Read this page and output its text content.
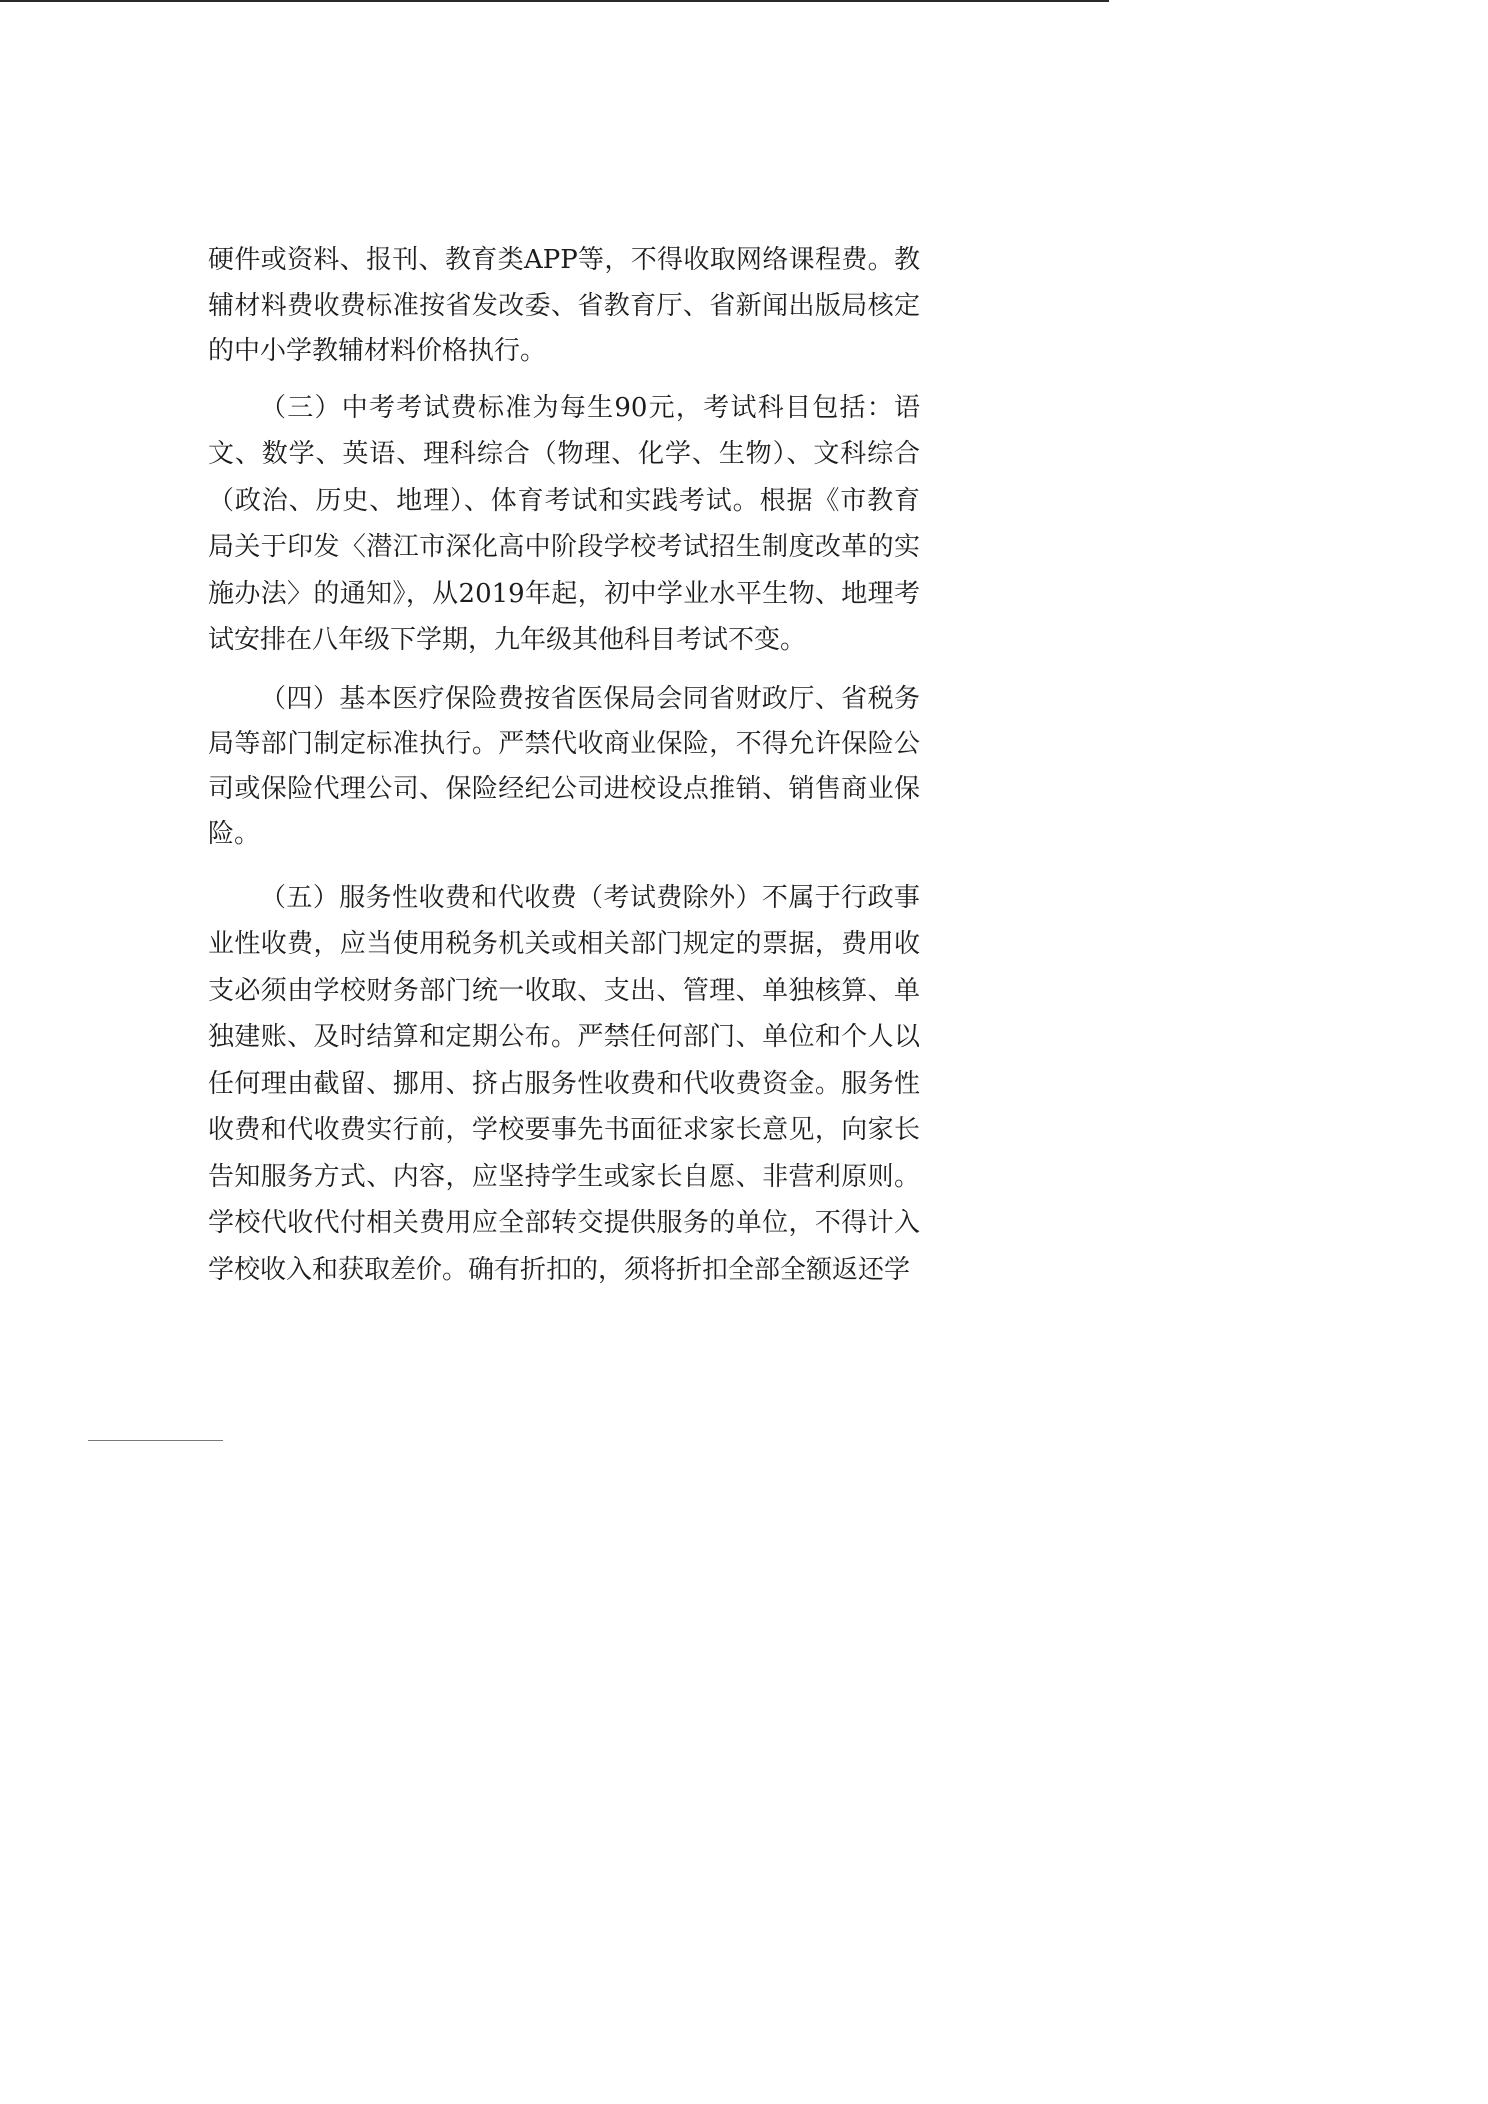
硬件或资料、报刊、教育类APP等，不得收取网络课程费。教辅材料费收费标准按省发改委、省教育厅、省新闻出版局核定的中小学教辅材料价格执行。

（三）中考考试费标准为每生90元，考试科目包括：语文、数学、英语、理科综合（物理、化学、生物）、文科综合（政治、历史、地理）、体育考试和实践考试。根据《市教育局关于印发〈潜江市深化高中阶段学校考试招生制度改革的实施办法〉的通知》，从2019年起，初中学业水平生物、地理考试安排在八年级下学期，九年级其他科目考试不变。

（四）基本医疗保险费按省医保局会同省财政厅、省税务局等部门制定标准执行。严禁代收商业保险，不得允许保险公司或保险代理公司、保险经纪公司进校设点推销、销售商业保险。

（五）服务性收费和代收费（考试费除外）不属于行政事业性收费，应当使用税务机关或相关部门规定的票据，费用收支必须由学校财务部门统一收取、支出、管理、单独核算、单独建账、及时结算和定期公布。严禁任何部门、单位和个人以任何理由截留、挪用、挤占服务性收费和代收费资金。服务性收费和代收费实行前，学校要事先书面征求家长意见，向家长告知服务方式、内容，应坚持学生或家长自愿、非营利原则。学校代收代付相关费用应全部转交提供服务的单位，不得计入学校收入和获取差价。确有折扣的，须将折扣全部全额返还学
